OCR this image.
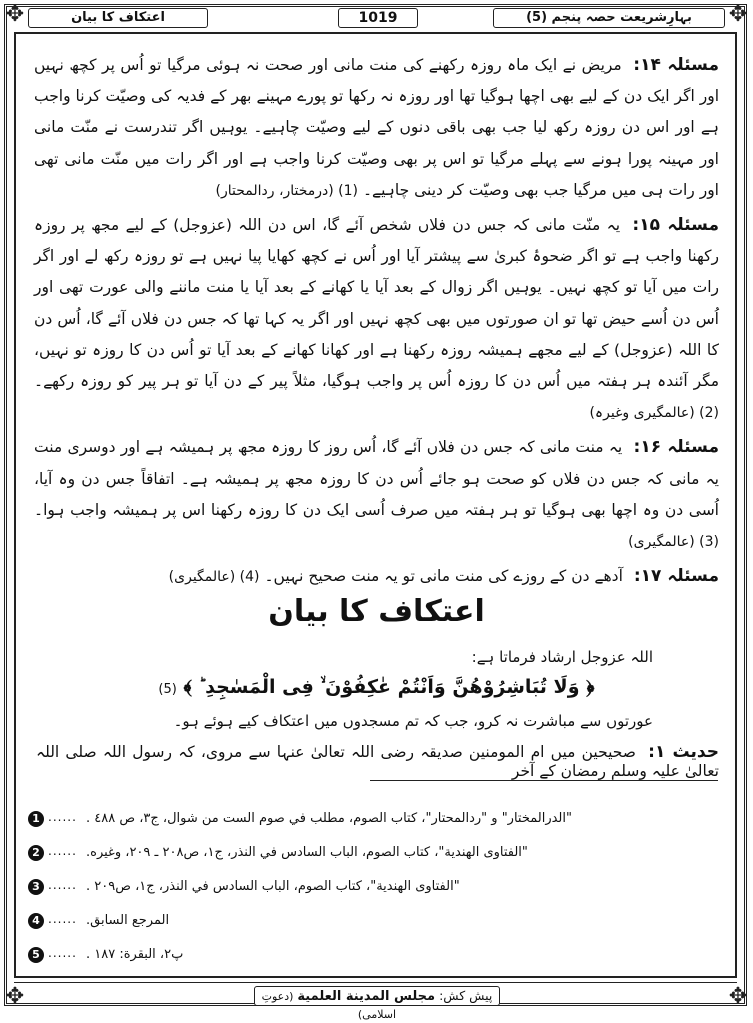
✥	✥
✥	✥
بہارِشریعت حصہ پنجم (5)
1019
اعتکاف کا بیان

مسئلہ ۱۴: مریض نے ایک ماہ روزہ رکھنے کی منت مانی اور صحت نہ ہوئی مرگیا تو اُس پر کچھ نہیں اور اگر ایک دن کے لیے بھی اچھا ہوگیا تھا اور روزہ نہ رکھا تو پورے مہینے بھر کے فدیہ کی وصیّت کرنا واجب ہے اور اس دن روزہ رکھ لیا جب بھی باقی دنوں کے لیے وصیّت چاہیے۔ یوہیں اگر تندرست نے منّت مانی اور مہینہ پورا ہونے سے پہلے مرگیا تو اس پر بھی وصیّت کرنا واجب ہے اور اگر رات میں منّت مانی تھی اور رات ہی میں مرگیا جب بھی وصیّت کر دینی چاہیے۔ (1) (درمختار، ردالمحتار)

مسئلہ ۱۵: یہ منّت مانی کہ جس دن فلاں شخص آئے گا، اس دن اللہ (عزوجل) کے لیے مجھ پر روزہ رکھنا واجب ہے تو اگر ضحوۂ کبریٰ سے پیشتر آیا اور اُس نے کچھ کھایا پیا نہیں ہے تو روزہ رکھ لے اور اگر رات میں آیا تو کچھ نہیں۔ یوہیں اگر زوال کے بعد آیا یا کھانے کے بعد آیا یا منت ماننے والی عورت تھی اور اُس دن اُسے حیض تھا تو ان صورتوں میں بھی کچھ نہیں اور اگر یہ کہا تھا کہ جس دن فلاں آئے گا، اُس دن کا اللہ (عزوجل) کے لیے مجھے ہمیشہ روزہ رکھنا ہے اور کھانا کھانے کے بعد آیا تو اُس دن کا روزہ تو نہیں، مگر آئندہ ہر ہفتہ میں اُس دن کا روزہ اُس پر واجب ہوگیا، مثلاً پیر کے دن آیا تو ہر پیر کو روزہ رکھے۔ (2) (عالمگیری وغیرہ)

مسئلہ ۱۶: یہ منت مانی کہ جس دن فلاں آئے گا، اُس روز کا روزہ مجھ پر ہمیشہ ہے اور دوسری منت یہ مانی کہ جس دن فلاں کو صحت ہو جائے اُس دن کا روزہ مجھ پر ہمیشہ ہے۔ اتفاقاً جس دن وہ آیا، اُسی دن وہ اچھا بھی ہوگیا تو ہر ہفتہ میں صرف اُسی ایک دن کا روزہ رکھنا اس پر ہمیشہ واجب ہوا۔ (3) (عالمگیری)

مسئلہ ۱۷: آدھے دن کے روزے کی منت مانی تو یہ منت صحیح نہیں۔ (4) (عالمگیری)

اعتکاف کا بیان
اللہ عزوجل ارشاد فرماتا ہے:
﴿ وَلَا تُبَاشِرُوْهُنَّ وَاَنْتُمْ عٰكِفُوْنَ ۙ فِی الْمَسٰجِدِ ؕ ﴾ (5)
عورتوں سے مباشرت نہ کرو، جب کہ تم مسجدوں میں اعتکاف کیے ہوئے ہو۔
حدیث ۱: صحیحین میں ام المومنین صدیقہ رضی اللہ تعالیٰ عنہا سے مروی، کہ رسول اللہ صلی اللہ تعالیٰ علیہ وسلم رمضان کے آخر
1 ...... "الدرالمختار" و "ردالمحتار"، كتاب الصوم، مطلب في صوم الست من شوال، ج٣، ص ٤٨٨ .
2 ...... "الفتاوی الهندية"، كتاب الصوم، الباب السادس في النذر، ج١، ص٢٠٨ ـ ٢٠٩، وغيره.
3 ...... "الفتاوی الهندية"، كتاب الصوم، الباب السادس في النذر، ج١، ص٢٠٩ .
4 ...... المرجع السابق.
5 ...... پ٢، البقرة: ١٨٧ .
پیش کش: مجلس المدينة العلمية (دعوتِ اسلامی)
